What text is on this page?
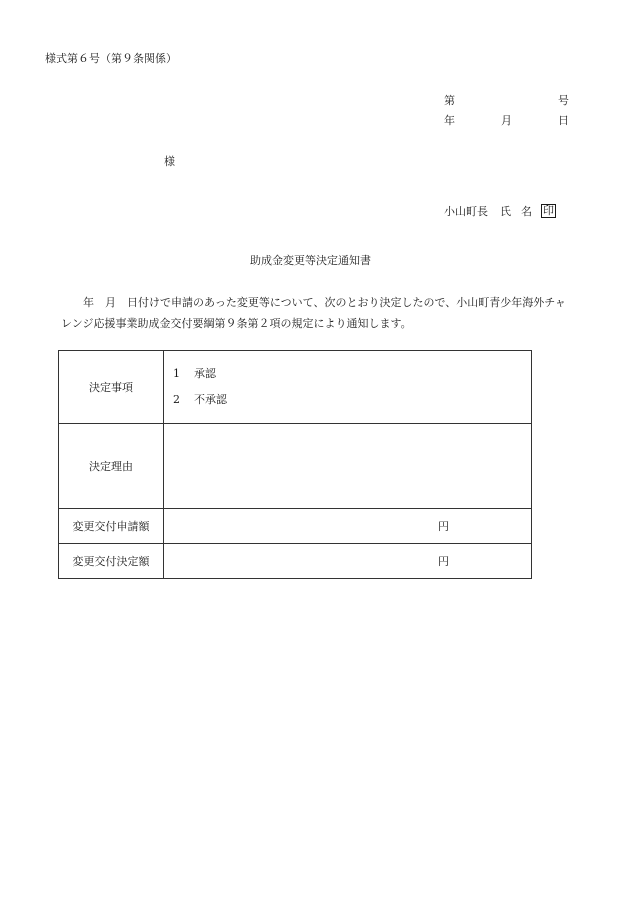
様式第６号（第９条関係）
第	号
年	月	日
様
小山町長 氏 名 印
助成金変更等決定通知書
年 月 日付けで申請のあった変更等について、次のとおり決定したので、小山町青少年海外チャレンジ応援事業助成金交付要綱第９条第２項の規定により通知します。
決定事項	1 承認
2 不承認

決定理由	
変更交付申請額	円

変更交付決定額	円
